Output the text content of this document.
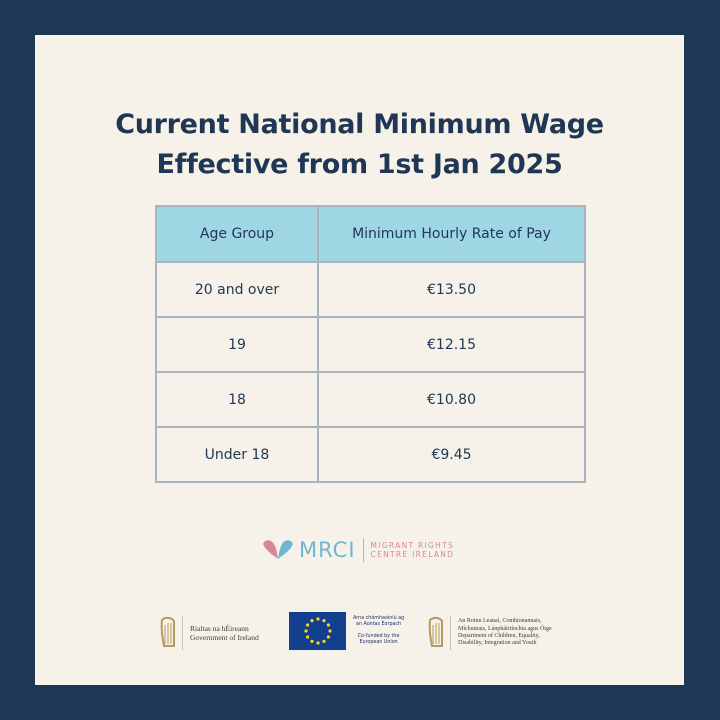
Current National Minimum Wage
Effective from 1st Jan 2025
Age Group	Minimum Hourly Rate of Pay
20 and over	€13.50
19	€12.15
18	€10.80
Under 18	€9.45
MRCI MIGRANT RIGHTS
CENTRE IRELAND
Rialtas na hÉireann
Government of Ireland
Arna chómhaoiniú ag
an Aontas Eorpach
Co-funded by the
European Union
An Roinn Leanaí, Comhionannais,
Míchumais, Lánpháirtíochta agus Óige
Department of Children, Equality,
Disability, Integration and Youth
